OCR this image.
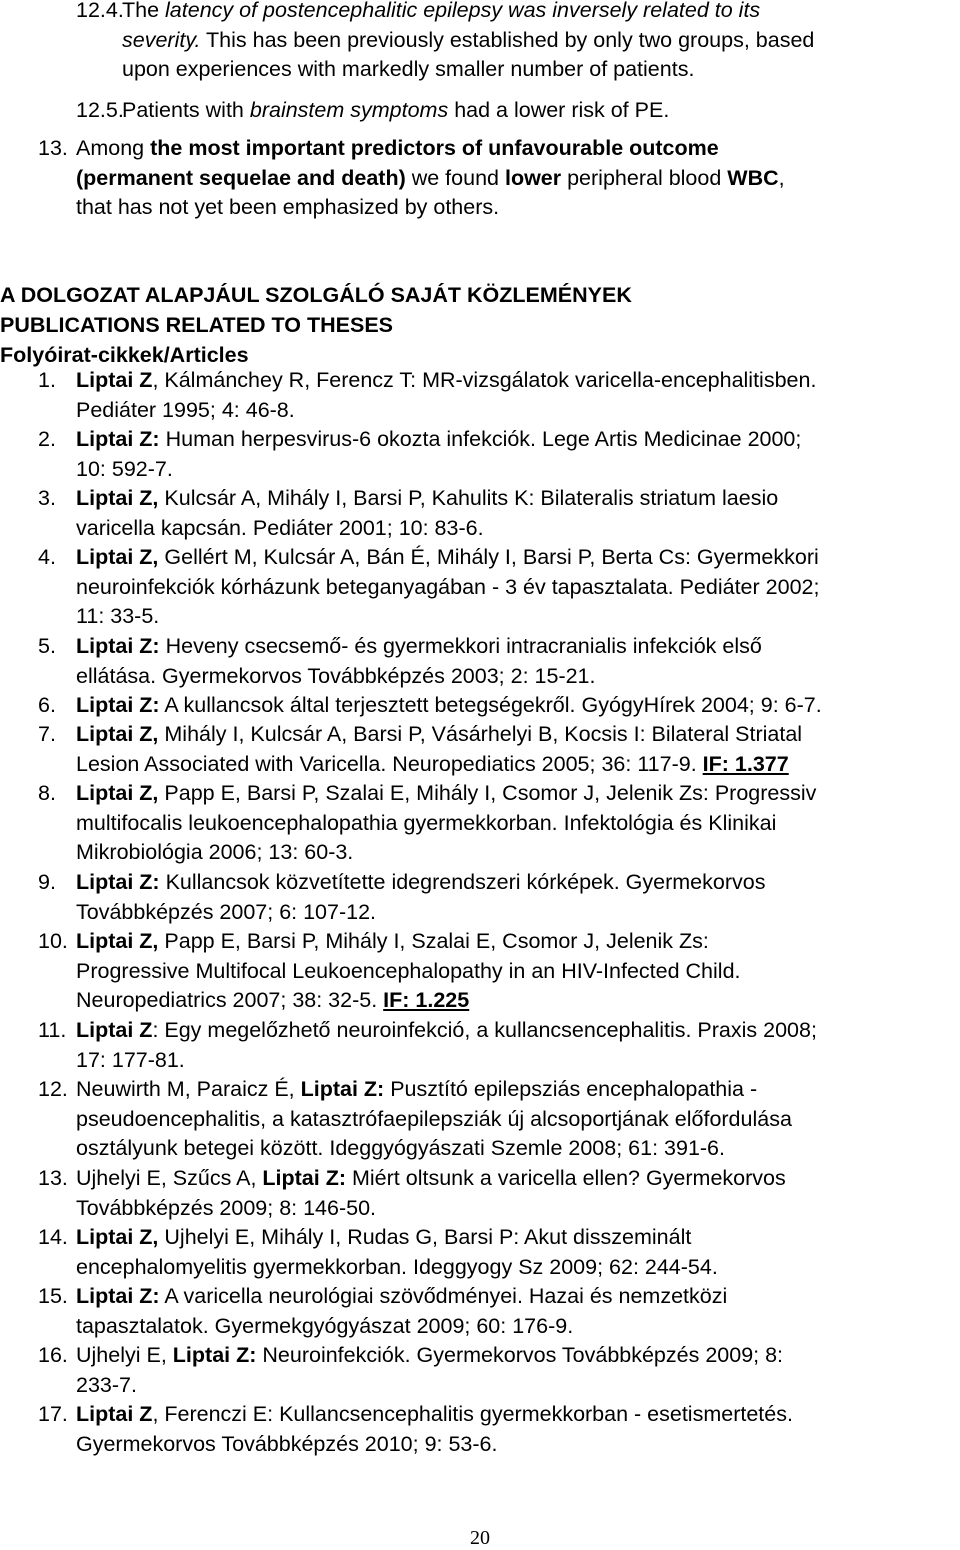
12.4.
The latency of postencephalitic epilepsy was inversely related to its
severity. This has been previously established by only two groups, based
upon experiences with markedly smaller number of patients.
12.5.
Patients with brainstem symptoms had a lower risk of PE.
13. Among the most important predictors of unfavourable outcome
(permanent sequelae and death) we found lower peripheral blood WBC,
that has not yet been emphasized by others.
A DOLGOZAT ALAPJÁUL SZOLGÁLÓ SAJÁT KÖZLEMÉNYEK
PUBLICATIONS RELATED TO THESES
Folyóirat-cikkek/Articles
1. Liptai Z, Kálmánchey R, Ferencz T: MR-vizsgálatok varicella-encephalitisben.
Pediáter 1995; 4: 46-8.
2. Liptai Z: Human herpesvirus-6 okozta infekciók. Lege Artis Medicinae 2000;
10: 592-7.
3. Liptai Z, Kulcsár A, Mihály I, Barsi P, Kahulits K: Bilateralis striatum laesio
varicella kapcsán. Pediáter 2001; 10: 83-6.
4. Liptai Z, Gellért M, Kulcsár A, Bán É, Mihály I, Barsi P, Berta Cs: Gyermekkori
neuroinfekciók kórházunk beteganyagában - 3 év tapasztalata. Pediáter 2002;
11: 33-5.
5. Liptai Z: Heveny csecsemő- és gyermekkori intracranialis infekciók első
ellátása. Gyermekorvos Továbbképzés 2003; 2: 15-21.
6. Liptai Z: A kullancsok által terjesztett betegségekről. GyógyHírek 2004; 9: 6-7.
7. Liptai Z, Mihály I, Kulcsár A, Barsi P, Vásárhelyi B, Kocsis I: Bilateral Striatal
Lesion Associated with Varicella. Neuropediatics 2005; 36: 117-9. IF: 1.377
8. Liptai Z, Papp E, Barsi P, Szalai E, Mihály I, Csomor J, Jelenik Zs: Progressiv
multifocalis leukoencephalopathia gyermekkorban. Infektológia és Klinikai
Mikrobiológia 2006; 13: 60-3.
9. Liptai Z: Kullancsok közvetítette idegrendszeri kórképek. Gyermekorvos
Továbbképzés 2007; 6: 107-12.
10. Liptai Z, Papp E, Barsi P, Mihály I, Szalai E, Csomor J, Jelenik Zs:
Progressive Multifocal Leukoencephalopathy in an HIV-Infected Child.
Neuropediatrics 2007; 38: 32-5. IF: 1.225
11. Liptai Z: Egy megelőzhető neuroinfekció, a kullancsencephalitis. Praxis 2008;
17: 177-81.
12. Neuwirth M, Paraicz É, Liptai Z: Pusztító epilepsziás encephalopathia -
pseudoencephalitis, a katasztrófaepilepsziák új alcsoportjának előfordulása
osztályunk betegei között. Ideggyógyászati Szemle 2008; 61: 391-6.
13. Ujhelyi E, Szűcs A, Liptai Z: Miért oltsunk a varicella ellen? Gyermekorvos
Továbbképzés 2009; 8: 146-50.
14. Liptai Z, Ujhelyi E, Mihály I, Rudas G, Barsi P: Akut disszeminált
encephalomyelitis gyermekkorban. Ideggyogy Sz 2009; 62: 244-54.
15. Liptai Z: A varicella neurológiai szövődményei. Hazai és nemzetközi
tapasztalatok. Gyermekgyógyászat 2009; 60: 176-9.
16. Ujhelyi E, Liptai Z: Neuroinfekciók. Gyermekorvos Továbbképzés 2009; 8:
233-7.
17. Liptai Z, Ferenczi E: Kullancsencephalitis gyermekkorban - esetismertetés.
Gyermekorvos Továbbképzés 2010; 9: 53-6.
20
